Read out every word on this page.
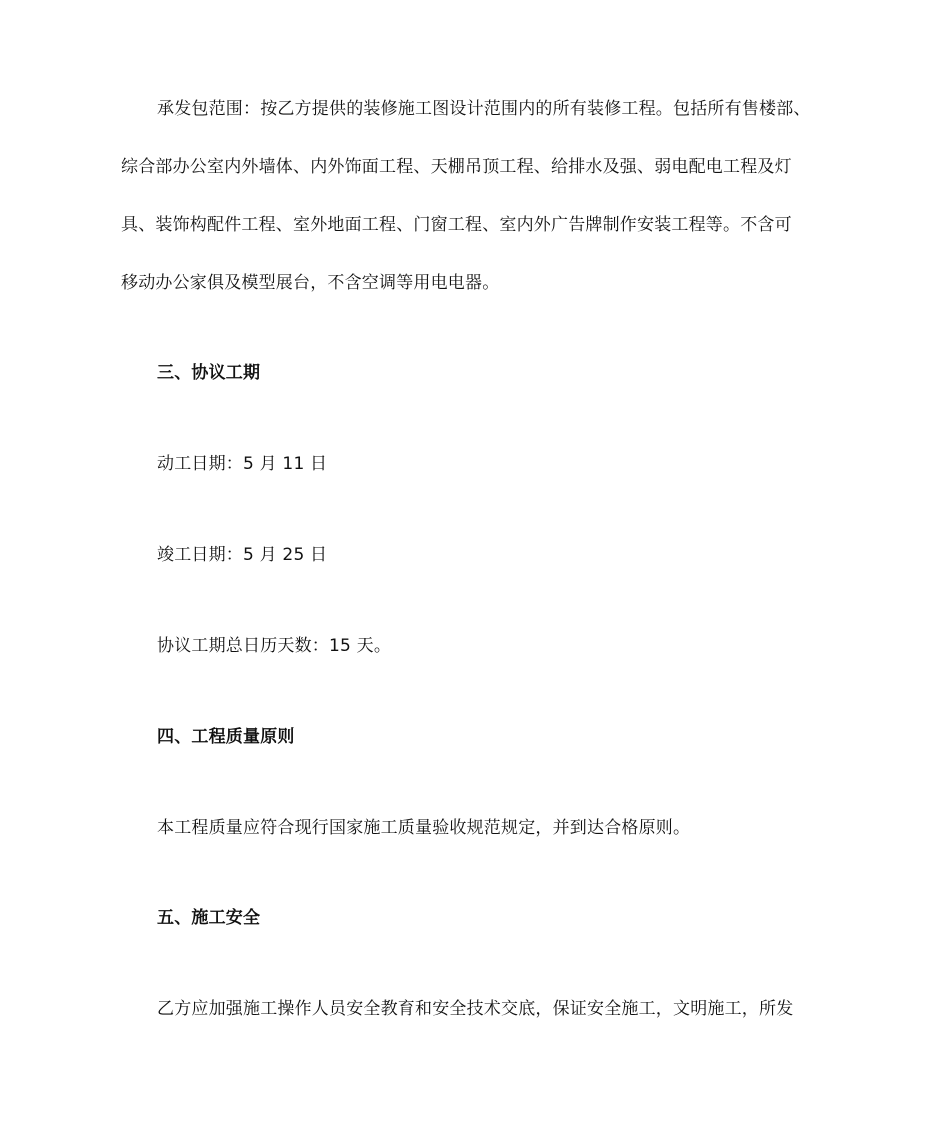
承发包范围：按乙方提供的装修施工图设计范围内的所有装修工程。包括所有售楼部、
综合部办公室内外墙体、内外饰面工程、天棚吊顶工程、给排水及强、弱电配电工程及灯
具、装饰构配件工程、室外地面工程、门窗工程、室内外广告牌制作安装工程等。不含可
移动办公家俱及模型展台，不含空调等用电电器。
三、协议工期
动工日期：5 月 11 日
竣工日期：5 月 25 日
协议工期总日历天数：15 天。
四、工程质量原则
本工程质量应符合现行国家施工质量验收规范规定，并到达合格原则。
五、施工安全
乙方应加强施工操作人员安全教育和安全技术交底，保证安全施工，文明施工，所发
